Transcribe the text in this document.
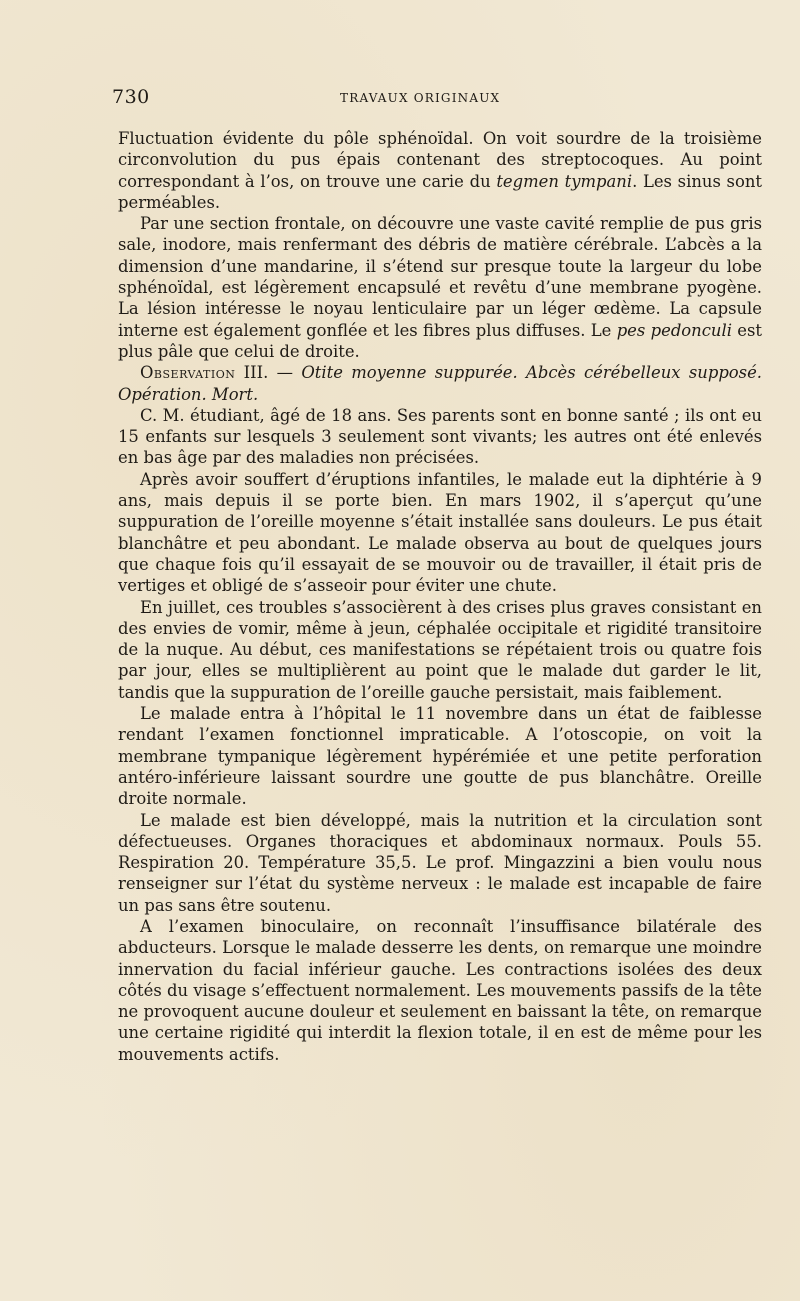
730	TRAVAUX ORIGINAUX

Fluctuation évidente du pôle sphénoïdal. On voit sourdre de la troisième circonvolution du pus épais contenant des streptocoques. Au point correspondant à l’os, on trouve une carie du tegmen tympani. Les sinus sont perméables.

Par une section frontale, on découvre une vaste cavité remplie de pus gris sale, inodore, mais renfermant des débris de matière cérébrale. L’abcès a la dimension d’une mandarine, il s’étend sur presque toute la largeur du lobe sphénoïdal, est légèrement encapsulé et revêtu d’une membrane pyogène. La lésion intéresse le noyau lenticulaire par un léger œdème. La capsule interne est également gonflée et les fibres plus diffuses. Le pes pedonculi est plus pâle que celui de droite.

Observation III. — Otite moyenne suppurée. Abcès cérébelleux supposé. Opération. Mort.

C. M. étudiant, âgé de 18 ans. Ses parents sont en bonne santé ; ils ont eu 15 enfants sur lesquels 3 seulement sont vivants; les autres ont été enlevés en bas âge par des maladies non précisées.

Après avoir souffert d’éruptions infantiles, le malade eut la diphtérie à 9 ans, mais depuis il se porte bien. En mars 1902, il s’aperçut qu’une suppuration de l’oreille moyenne s’était installée sans douleurs. Le pus était blanchâtre et peu abondant. Le malade observa au bout de quelques jours que chaque fois qu’il essayait de se mouvoir ou de travailler, il était pris de vertiges et obligé de s’asseoir pour éviter une chute.

En juillet, ces troubles s’associèrent à des crises plus graves consistant en des envies de vomir, même à jeun, céphalée occipitale et rigidité transitoire de la nuque. Au début, ces manifestations se répétaient trois ou quatre fois par jour, elles se multiplièrent au point que le malade dut garder le lit, tandis que la suppuration de l’oreille gauche persistait, mais faiblement.

Le malade entra à l’hôpital le 11 novembre dans un état de faiblesse rendant l’examen fonctionnel impraticable. A l’otoscopie, on voit la membrane tympanique légèrement hypérémiée et une petite perforation antéro-inférieure laissant sourdre une goutte de pus blanchâtre. Oreille droite normale.

Le malade est bien développé, mais la nutrition et la circulation sont défectueuses. Organes thoraciques et abdominaux normaux. Pouls 55. Respiration 20. Température 35,5. Le prof. Mingazzini a bien voulu nous renseigner sur l’état du système nerveux : le malade est incapable de faire un pas sans être soutenu.

A l’examen binoculaire, on reconnaît l’insuffisance bilatérale des abducteurs. Lorsque le malade desserre les dents, on remarque une moindre innervation du facial inférieur gauche. Les contractions isolées des deux côtés du visage s’effectuent normalement. Les mouvements passifs de la tête ne provoquent aucune douleur et seulement en baissant la tête, on remarque une certaine rigidité qui interdit la flexion totale, il en est de même pour les mouvements actifs.
